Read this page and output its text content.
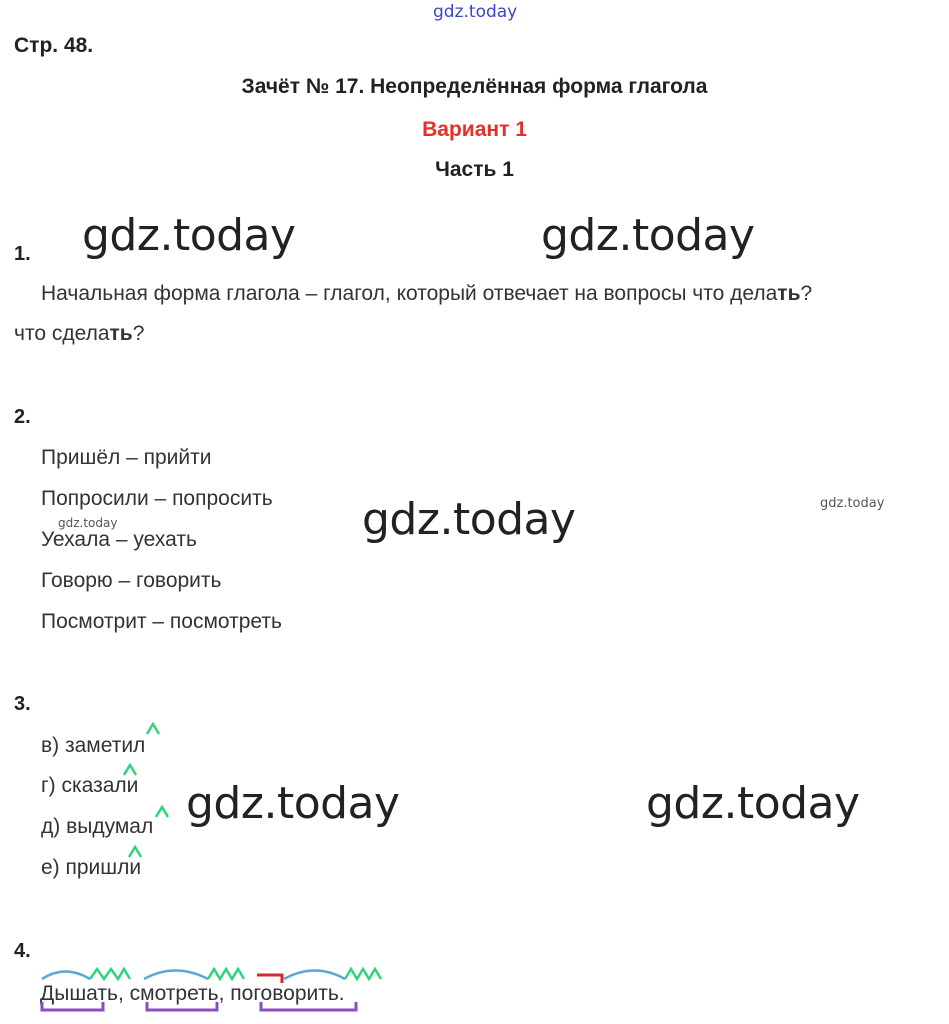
gdz.today
gdz.today	gdz.today
gdz.today
gdz.today	gdz.today
gdz.today
gdz.today
Стр. 48.
Зачёт № 17. Неопределённая форма глагола
Вариант 1
Часть 1
1.
Начальная форма глагола – глагол, который отвечает на вопросы что делать?
что сделать?
2.
Пришёл – прийти
Попросили – попросить
Уехала – уехать
Говорю – говорить
Посмотрит – посмотреть
3.
в) заметил
г) сказали
д) выдумал
е) пришли
4.
Дышать, смотреть, поговорить.
